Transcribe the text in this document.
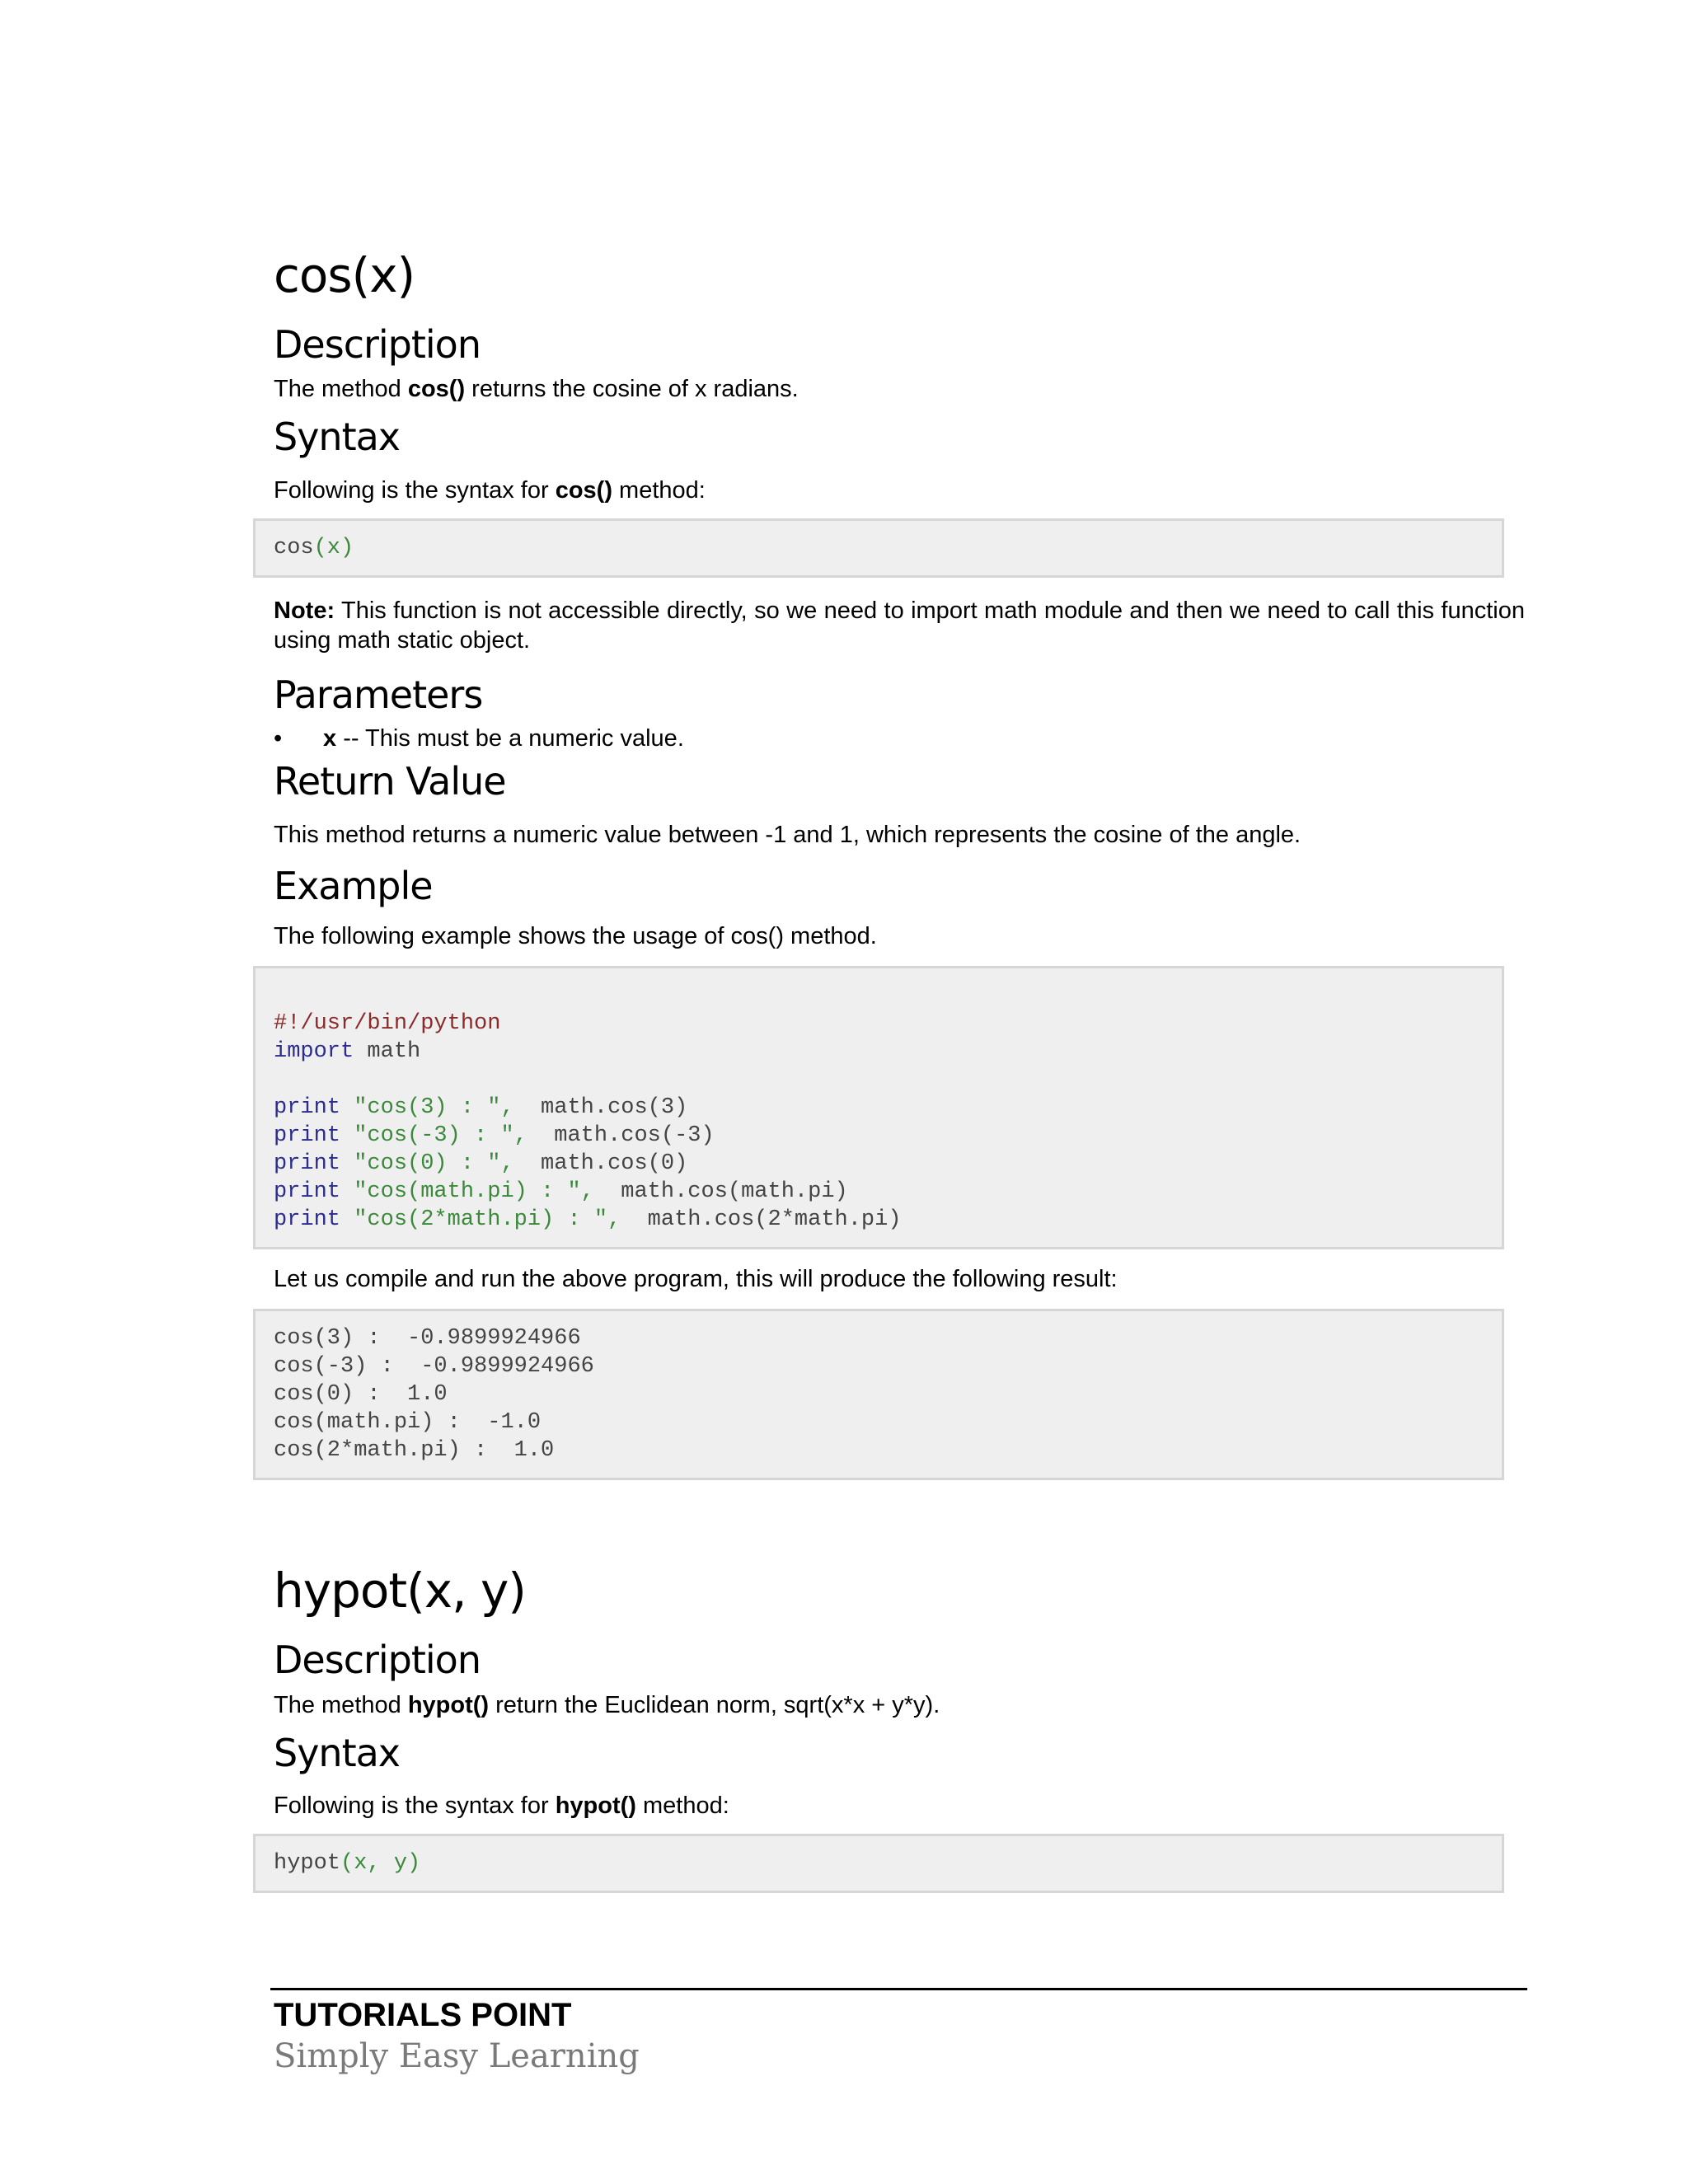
cos(x)
Description

The method cos() returns the cosine of x radians.

Syntax

Following is the syntax for cos() method:

cos(x)

Note: This function is not accessible directly, so we need to import math module and then we need to call this function using math static object.

Parameters
•	x -- This must be a numeric value.
Return Value

This method returns a numeric value between -1 and 1, which represents the cosine of the angle.

Example

The following example shows the usage of cos() method.

#!/usr/bin/python
import math
print "cos(3) : ",  math.cos(3)
print "cos(-3) : ",  math.cos(-3)
print "cos(0) : ",  math.cos(0)
print "cos(math.pi) : ",  math.cos(math.pi)
print "cos(2*math.pi) : ",  math.cos(2*math.pi)

Let us compile and run the above program, this will produce the following result:

cos(3) :  -0.9899924966
cos(-3) :  -0.9899924966
cos(0) :  1.0
cos(math.pi) :  -1.0
cos(2*math.pi) :  1.0
hypot(x, y)
Description

The method hypot() return the Euclidean norm, sqrt(x*x + y*y).

Syntax

Following is the syntax for hypot() method:

hypot(x, y)
TUTORIALS POINT
Simply Easy Learning
